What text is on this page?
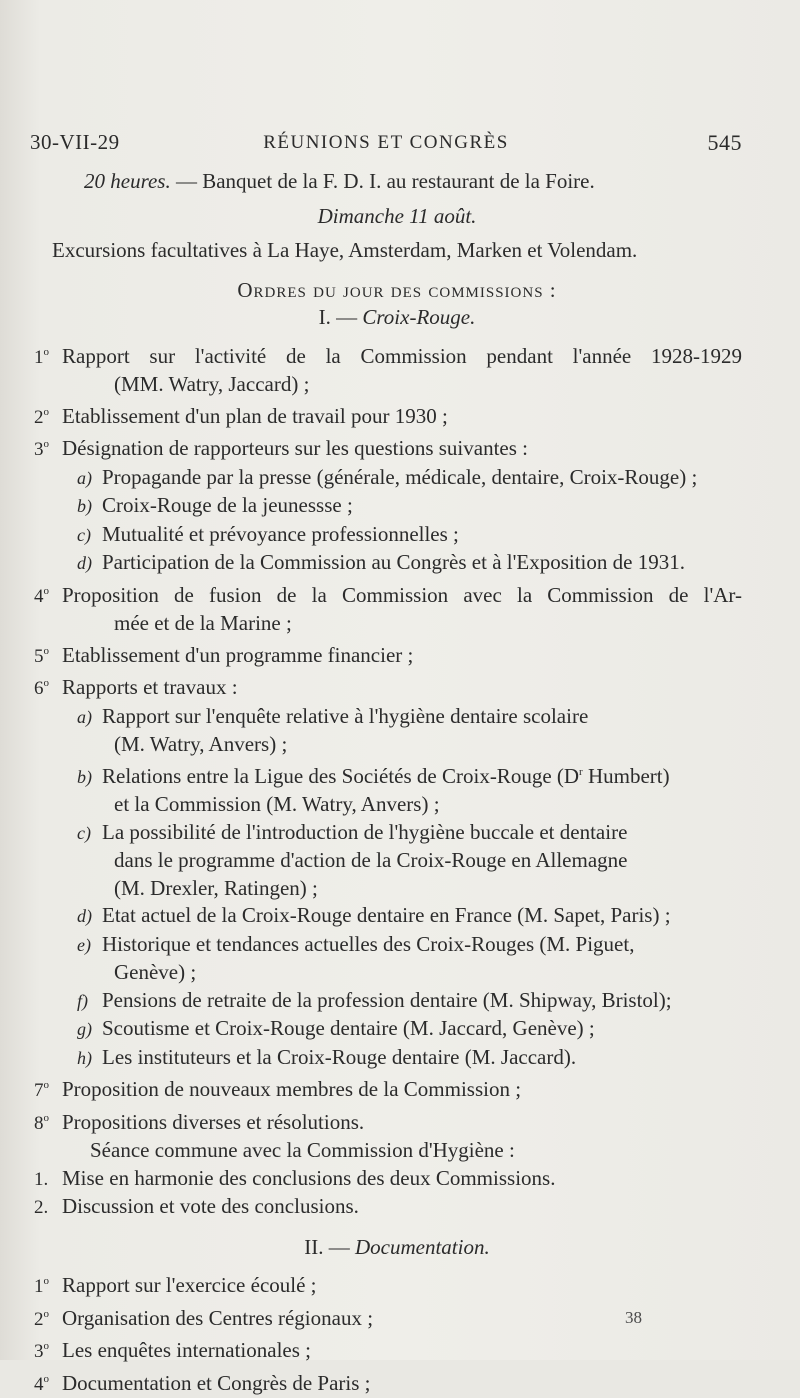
30-VII-29	RÉUNIONS ET CONGRÈS	545
20 heures. — Banquet de la F. D. I. au restaurant de la Foire.
Dimanche 11 août.
Excursions facultatives à La Haye, Amsterdam, Marken et Volendam.
Ordres du jour des commissions :
I. — Croix-Rouge.
1$^o$ Rapport sur l'activité de la Commission pendant l'année 1928-1929
(MM. Watry, Jaccard) ;
2$^o$ Etablissement d'un plan de travail pour 1930 ;
3$^o$ Désignation de rapporteurs sur les questions suivantes :
a) Propagande par la presse (générale, médicale, dentaire, Croix-Rouge) ;
b) Croix-Rouge de la jeunessse ;
c) Mutualité et prévoyance professionnelles ;
d) Participation de la Commission au Congrès et à l'Exposition de 1931.
4$^o$ Proposition de fusion de la Commission avec la Commission de l'Ar-
mée et de la Marine ;
5$^o$ Etablissement d'un programme financier ;
6$^o$ Rapports et travaux :
a) Rapport sur l'enquête relative à l'hygiène dentaire scolaire
(M. Watry, Anvers) ;
b) Relations entre la Ligue des Sociétés de Croix-Rouge ($D^r$ Humbert)
et la Commission (M. Watry, Anvers) ;
c) La possibilité de l'introduction de l'hygiène buccale et dentaire
dans le programme d'action de la Croix-Rouge en Allemagne
(M. Drexler, Ratingen) ;
d) Etat actuel de la Croix-Rouge dentaire en France (M. Sapet, Paris) ;
e) Historique et tendances actuelles des Croix-Rouges (M. Piguet,
Genève) ;
f) Pensions de retraite de la profession dentaire (M. Shipway, Bristol);
g) Scoutisme et Croix-Rouge dentaire (M. Jaccard, Genève) ;
h) Les instituteurs et la Croix-Rouge dentaire (M. Jaccard).
7$^o$ Proposition de nouveaux membres de la Commission ;
8$^o$ Propositions diverses et résolutions.
Séance commune avec la Commission d'Hygiène :
1. Mise en harmonie des conclusions des deux Commissions.
2. Discussion et vote des conclusions.
II. — Documentation.
1$^o$ Rapport sur l'exercice écoulé ;
2$^o$ Organisation des Centres régionaux ;
3$^o$ Les enquêtes internationales ;
4$^o$ Documentation et Congrès de Paris ;
38
